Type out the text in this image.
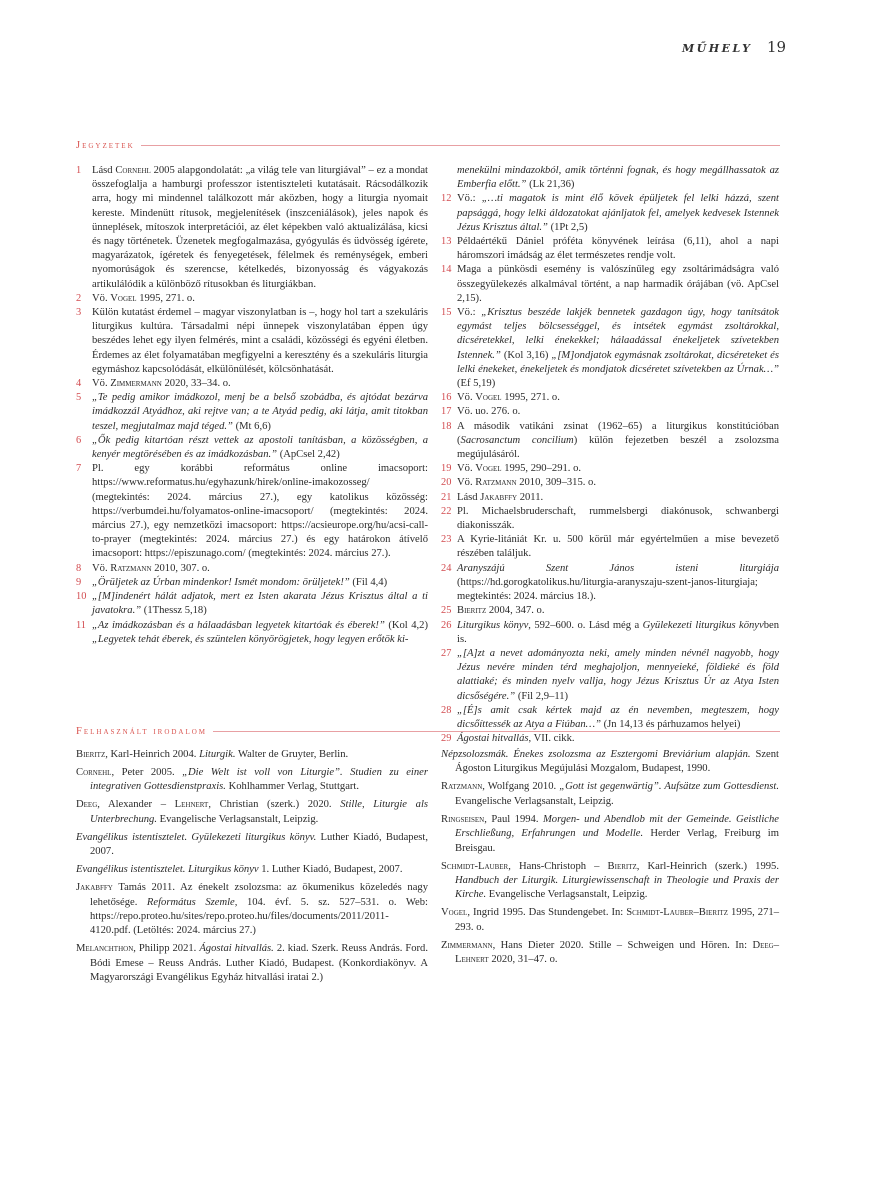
MŰHELY 19
Jegyzetek
1	Lásd Cornehl 2005 alapgondolatát: „a világ tele van liturgiával” – ez a mondat összefoglalja a hamburgi professzor istentiszteleti kutatásait. Rácsodálkozik arra, hogy mi mindennel találkozott már aközben, hogy a liturgia nyomait kereste. Mindenütt rítusok, megjelenítések (inszceniálások), jeles napok és ünneplések, mítoszok interpretációi, az élet képekben való aktualizálása, kicsi és nagy történetek. Üzenetek megfogalmazása, gyógyulás és üdvösség ígérete, magyarázatok, ígéretek és fenyegetések, félelmek és reménységek, emberi nyomorúságok és szerencse, kételkedés, bizonyosság és vágyakozás artikulálódik a különböző rítusokban és liturgiákban.
2	Vö. Vogel 1995, 271. o.
3	Külön kutatást érdemel – magyar viszonylatban is –, hogy hol tart a szekuláris liturgikus kultúra. Társadalmi népi ünnepek viszonylatában éppen úgy beszédes lehet egy ilyen felmérés, mint a családi, közösségi és egyéni életben. Érdemes az élet folyamatában megfigyelni a keresztény és a szekuláris liturgia egymáshoz kapcsolódását, elkülönülését, kölcsönhatását.
4	Vö. Zimmermann 2020, 33–34. o.
5	„Te pedig amikor imádkozol, menj be a belső szobádba, és ajtódat bezárva imádkozzál Atyádhoz, aki rejtve van; a te Atyád pedig, aki látja, amit titokban teszel, megjutalmaz majd téged.” (Mt 6,6)
6	„Ők pedig kitartóan részt vettek az apostoli tanításban, a közösségben, a kenyér megtörésében és az imádkozásban.” (ApCsel 2,42)
7	Pl. egy korábbi református online imacsoport: https://www.reformatus.hu/egyhazunk/hirek/online-imakozosseg/ (megtekintés: 2024. március 27.), egy katolikus közösség: https://verbumdei.hu/folyamatos-online-imacsoport/ (megtekintés: 2024. március 27.), egy nemzetközi imacsoport: https://acsieurope.org/hu/acsi-call-to-prayer (megtekintés: 2024. március 27.) és egy határokon átívelő imacsoport: https://episzunago.com/ (megtekintés: 2024. március 27.).
8	Vö. Ratzmann 2010, 307. o.
9	„Örüljetek az Úrban mindenkor! Ismét mondom: örüljetek!” (Fil 4,4)
10 „[M]indenért hálát adjatok, mert ez Isten akarata Jézus Krisztus által a ti javatokra.” (1Thessz 5,18)
11 „Az imádkozásban és a hálaadásban legyetek kitartóak és éberek!” (Kol 4,2) „Legyetek tehát éberek, és szüntelen könyörögjetek, hogy legyen erőtök ki-
menekülni mindazokból, amik történni fognak, és hogy megállhassatok az Emberfia előtt.” (Lk 21,36)
12 Vö.: „…ti magatok is mint élő kövek épüljetek fel lelki házzá, szent papsággá, hogy lelki áldozatokat ajánljatok fel, amelyek kedvesek Istennek Jézus Krisztus által.” (1Pt 2,5)
13 Példaértékű Dániel próféta könyvének leírása (6,11), ahol a napi háromszori imádság az élet természetes rendje volt.
14 Maga a pünkösdi esemény is valószínűleg egy zsoltárimádságra való összegyülekezés alkalmával történt, a nap harmadik órájában (vö. ApCsel 2,15).
15 Vö.: „Krisztus beszéde lakjék bennetek gazdagon úgy, hogy tanítsátok egymást teljes bölcsességgel, és intsétek egymást zsoltárokkal, dicséretekkel, lelki énekekkel; hálaadással énekeljetek szívetekben Istennek.” (Kol 3,16) „[M]ondjatok egymásnak zsoltárokat, dicséreteket és lelki énekeket, énekeljetek és mondjatok dicséretet szívetekben az Úrnak…” (Ef 5,19)
16 Vö. Vogel 1995, 271. o.
17 Vö. uo. 276. o.
18 A második vatikáni zsinat (1962–65) a liturgikus konstitúcióban (Sacrosanctum concilium) külön fejezetben beszél a zsolozsma megújulásáról.
19 Vö. Vogel 1995, 290–291. o.
20 Vö. Ratzmann 2010, 309–315. o.
21 Lásd Jakabffy 2011.
22 Pl. Michaelsbruderschaft, rummelsbergi diakónusok, schwanbergi diakonisszák.
23 A Kyrie-litániát Kr. u. 500 körül már egyértelműen a mise bevezető részében találjuk.
24 Aranyszájú Szent János isteni liturgiája (https://hd.gorogkatolikus.hu/liturgia-aranyszaju-szent-janos-liturgiaja; megtekintés: 2024. március 18.).
25 Bieritz 2004, 347. o.
26 Liturgikus könyv, 592–600. o. Lásd még a Gyülekezeti liturgikus könyvben is.
27 „[A]zt a nevet adományozta neki, amely minden névnél nagyobb, hogy Jézus nevére minden térd meghajoljon, mennyeieké, földieké és föld alattiaké; és minden nyelv vallja, hogy Jézus Krisztus Úr az Atya Isten dicsőségére.” (Fil 2,9–11)
28 „[É]s amit csak kértek majd az én nevemben, megteszem, hogy dicsőíttessék az Atya a Fiúban…” (Jn 14,13 és párhuzamos helyei)
29 Ágostai hitvallás, VII. cikk.
Felhasznált irodalom
Bieritz, Karl-Heinrich 2004. Liturgik. Walter de Gruyter, Berlin.
Cornehl, Peter 2005. „Die Welt ist voll von Liturgie”. Studien zu einer integrativen Gottesdienstpraxis. Kohlhammer Verlag, Stuttgart.
Deeg, Alexander – Lehnert, Christian (szerk.) 2020. Stille, Liturgie als Unterbrechung. Evangelische Verlagsanstalt, Leipzig.
Evangélikus istentisztelet. Gyülekezeti liturgikus könyv. Luther Kiadó, Budapest, 2007.
Evangélikus istentisztelet. Liturgikus könyv 1. Luther Kiadó, Budapest, 2007.
Jakabffy Tamás 2011. Az énekelt zsolozsma: az ökumenikus közeledés nagy lehetősége. Református Szemle, 104. évf. 5. sz. 527–531. o. Web: https://repo.proteo.hu/sites/repo.proteo.hu/files/documents/2011/2011-4120.pdf. (Letöltés: 2024. március 27.)
Melanchthon, Philipp 2021. Ágostai hitvallás. 2. kiad. Szerk. Reuss András. Ford. Bódi Emese – Reuss András. Luther Kiadó, Budapest. (Konkordiakönyv. A Magyarországi Evangélikus Egyház hitvallási iratai 2.)
Népzsolozsmák. Énekes zsolozsma az Esztergomi Breviárium alapján. Szent Ágoston Liturgikus Megújulási Mozgalom, Budapest, 1990.
Ratzmann, Wolfgang 2010. „Gott ist gegenwärtig”. Aufsätze zum Gottesdienst. Evangelische Verlagsanstalt, Leipzig.
Ringseisen, Paul 1994. Morgen- und Abendlob mit der Gemeinde. Geistliche Erschließung, Erfahrungen und Modelle. Herder Verlag, Freiburg im Breisgau.
Schmidt-Lauber, Hans-Christoph – Bieritz, Karl-Heinrich (szerk.) 1995. Handbuch der Liturgik. Liturgiewissenschaft in Theologie und Praxis der Kirche. Evangelische Verlagsanstalt, Leipzig.
Vogel, Ingrid 1995. Das Stundengebet. In: Schmidt-Lauber–Bieritz 1995, 271–293. o.
Zimmermann, Hans Dieter 2020. Stille – Schweigen und Hören. In: Deeg–Lehnert 2020, 31–47. o.
